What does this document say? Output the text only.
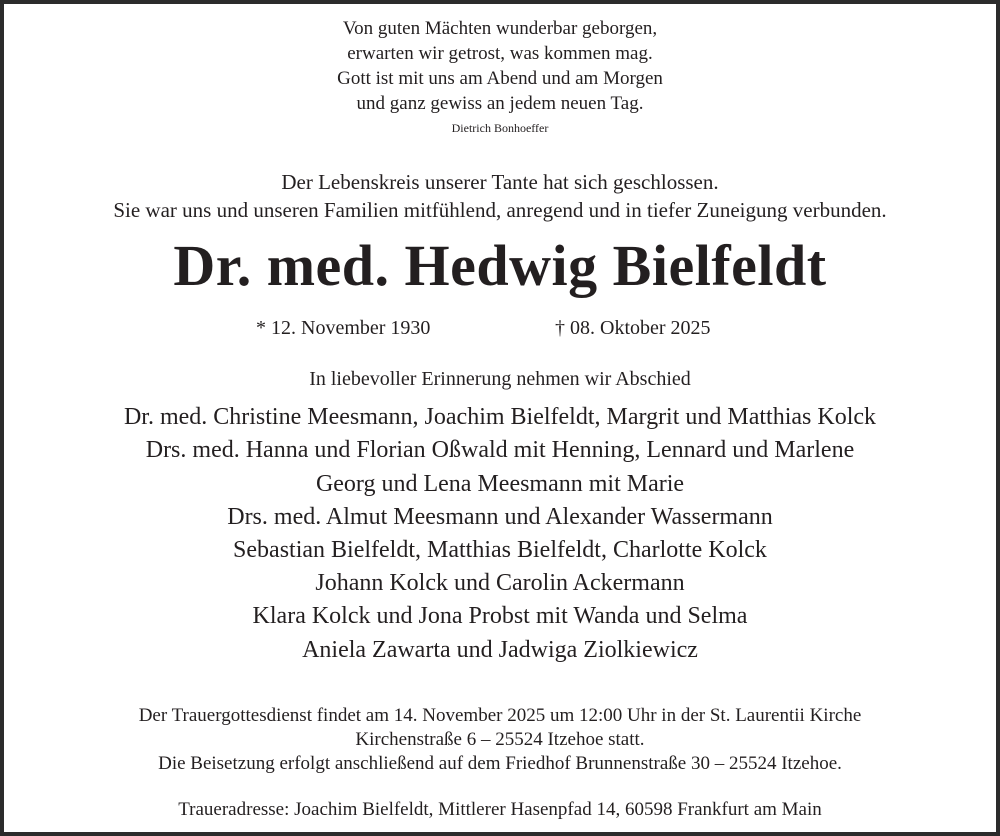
Von guten Mächten wunderbar geborgen,
erwarten wir getrost, was kommen mag.
Gott ist mit uns am Abend und am Morgen
und ganz gewiss an jedem neuen Tag.
Dietrich Bonhoeffer
Der Lebenskreis unserer Tante hat sich geschlossen.
Sie war uns und unseren Familien mitfühlend, anregend und in tiefer Zuneigung verbunden.
Dr. med. Hedwig Bielfeldt
* 12. November 1930	† 08. Oktober 2025
In liebevoller Erinnerung nehmen wir Abschied
Dr. med. Christine Meesmann, Joachim Bielfeldt, Margrit und Matthias Kolck
Drs. med. Hanna und Florian Oßwald mit Henning, Lennard und Marlene
Georg und Lena Meesmann mit Marie
Drs. med. Almut Meesmann und Alexander Wassermann
Sebastian Bielfeldt, Matthias Bielfeldt, Charlotte Kolck
Johann Kolck und Carolin Ackermann
Klara Kolck und Jona Probst mit Wanda und Selma
Aniela Zawarta und Jadwiga Ziolkiewicz
Der Trauergottesdienst findet am 14. November 2025 um 12:00 Uhr in der St. Laurentii Kirche
Kirchenstraße 6 – 25524 Itzehoe statt.
Die Beisetzung erfolgt anschließend auf dem Friedhof Brunnenstraße 30 – 25524 Itzehoe.
Traueradresse: Joachim Bielfeldt, Mittlerer Hasenpfad 14, 60598 Frankfurt am Main
